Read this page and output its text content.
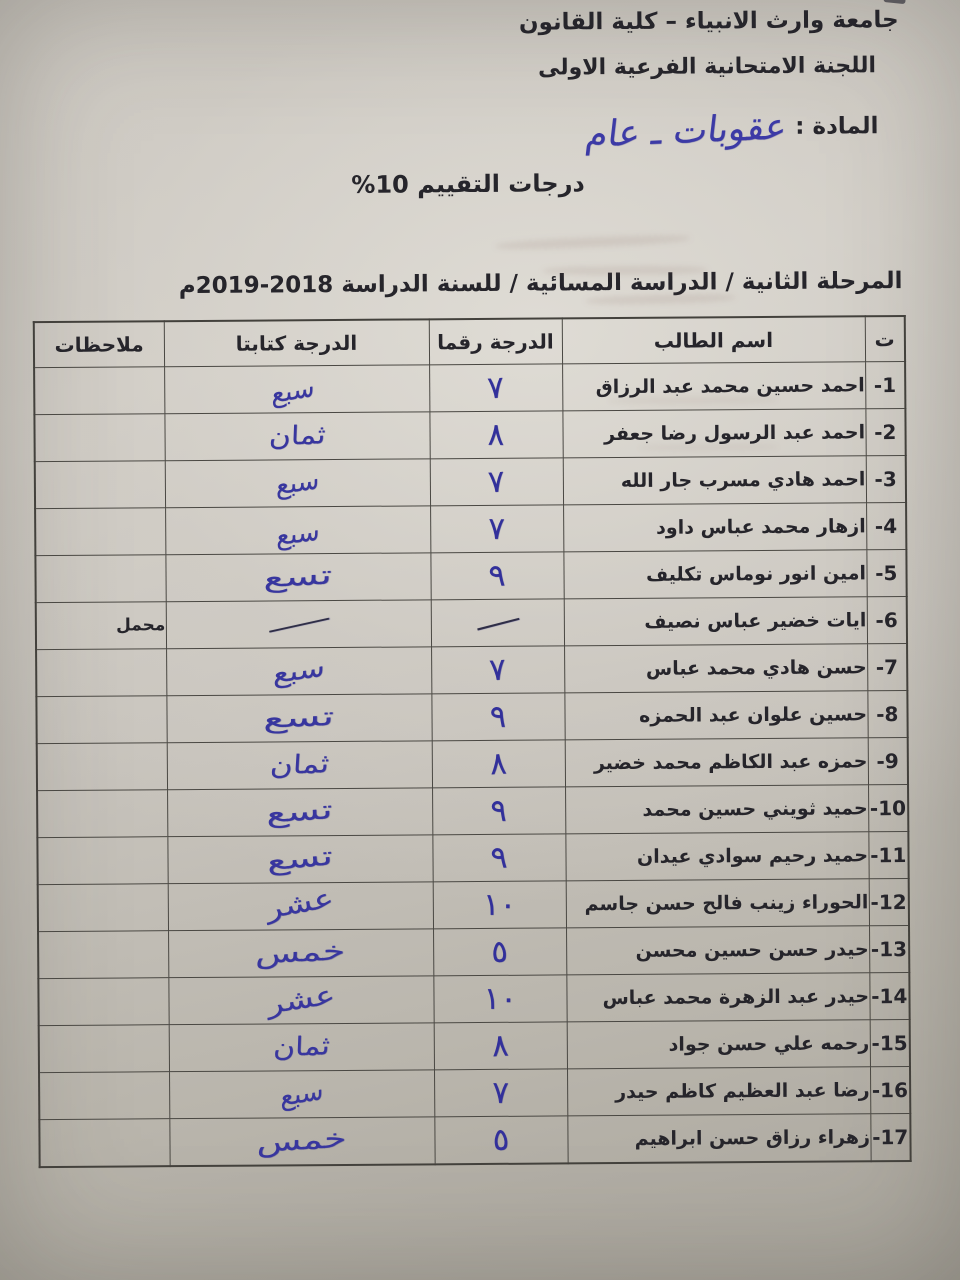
جامعة وارث الانبياء – كلية القانون
اللجنة الامتحانية الفرعية الاولى
المادة : عقوبات ـ عام
درجات التقييم 10%
المرحلة الثانية / الدراسة المسائية / للسنة الدراسة 2018-2019م
ت	اسم الطالب	الدرجة رقما	الدرجة كتابتا	ملاحظات
1-	احمد حسين محمد عبد الرزاق	٧	سبع	
2-	احمد عبد الرسول رضا جعفر	٨	ثمان	
3-	احمد هادي مسرب جار الله	٧	سبع	
4-	ازهار محمد عباس داود	٧	سبع	
5-	امين انور نوماس تكليف	٩	تسع	
6-	ايات خضير عباس نصيف	—	—	محمل
7-	حسن هادي محمد عباس	٧	سبع	
8-	حسين علوان عبد الحمزه	٩	تسع	
9-	حمزه عبد الكاظم محمد خضير	٨	ثمان	
10-	حميد ثويني حسين محمد	٩	تسع	
11-	حميد رحيم سوادي عيدان	٩	تسع	
12-	الحوراء زينب فالح حسن جاسم	١٠	عشر	
13-	حيدر حسن حسين محسن	٥	خمس	
14-	حيدر عبد الزهرة محمد عباس	١٠	عشر	
15-	رحمه علي حسن جواد	٨	ثمان	
16-	رضا عبد العظيم كاظم حيدر	٧	سبع	
17-	زهراء رزاق حسن ابراهيم	٥	خمس	
